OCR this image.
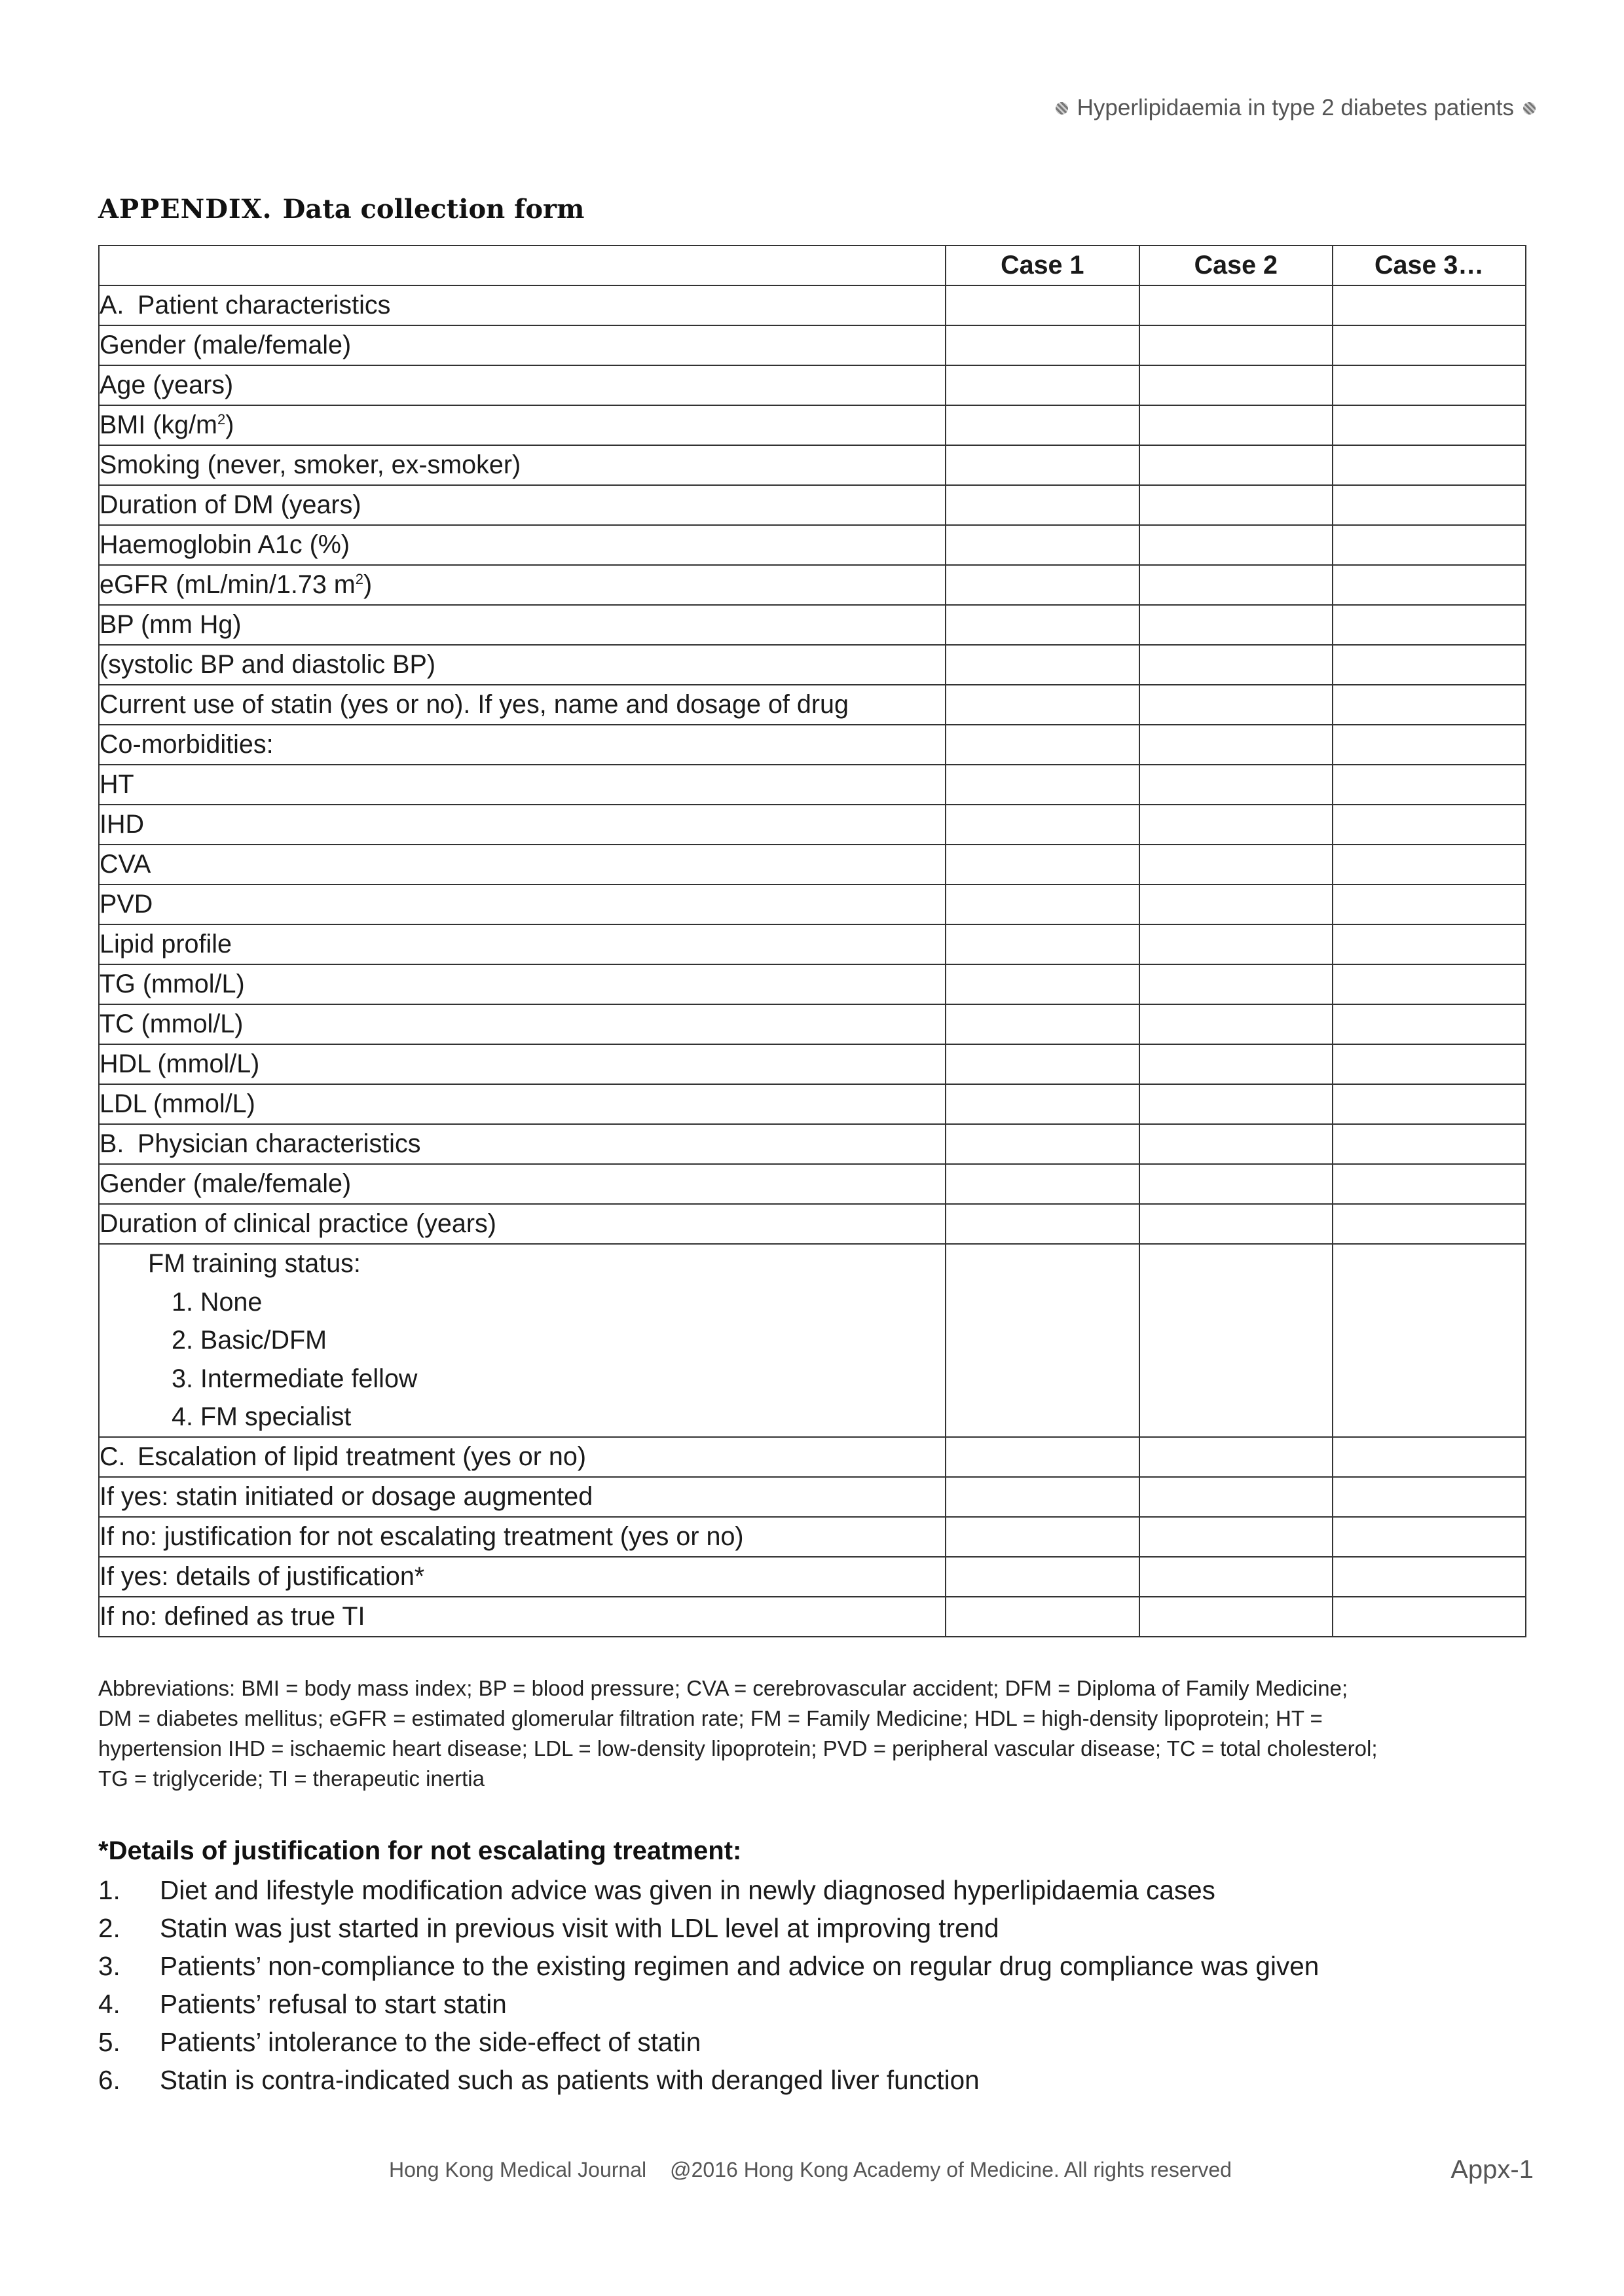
Hyperlipidaemia in type 2 diabetes patients
APPENDIX. Data collection form
	Case 1	Case 2	Case 3…
A. Patient characteristics			
Gender (male/female)			
Age (years)			
BMI $(kg/m^2)$			
Smoking (never, smoker, ex-smoker)			
Duration of DM (years)			
Haemoglobin A1c (%)			
eGFR (mL/min/1.73 $m^2$)			
BP (mm Hg)			
(systolic BP and diastolic BP)			
Current use of statin (yes or no). If yes, name and dosage of drug			
Co-morbidities:			
HT			
IHD			
CVA			
PVD			
Lipid profile			
TG (mmol/L)			
TC (mmol/L)			
HDL (mmol/L)			
LDL (mmol/L)			
B. Physician characteristics			
Gender (male/female)			
Duration of clinical practice (years)			

FM training status:
1. None
2. Basic/DFM
3. Intermediate fellow
4. FM specialist			

C. Escalation of lipid treatment (yes or no)			
If yes: statin initiated or dosage augmented			
If no: justification for not escalating treatment (yes or no)			
If yes: details of justification*			
If no: defined as true TI			

Abbreviations: BMI = body mass index; BP = blood pressure; CVA = cerebrovascular accident; DFM = Diploma of Family Medicine;

DM = diabetes mellitus; eGFR = estimated glomerular filtration rate; FM = Family Medicine; HDL = high-density lipoprotein; HT =

hypertension IHD = ischaemic heart disease; LDL = low-density lipoprotein; PVD = peripheral vascular disease; TC = total cholesterol;

TG = triglyceride; TI = therapeutic inertia

*Details of justification for not escalating treatment:
1.	Diet and lifestyle modification advice was given in newly diagnosed hyperlipidaemia cases
2.	Statin was just started in previous visit with LDL level at improving trend
3.	Patients’ non-compliance to the existing regimen and advice on regular drug compliance was given
4.	Patients’ refusal to start statin
5.	Patients’ intolerance to the side-effect of statin
6.	Statin is contra-indicated such as patients with deranged liver function
Hong Kong Medical Journal @2016 Hong Kong Academy of Medicine. All rights reserved	Appx-1
